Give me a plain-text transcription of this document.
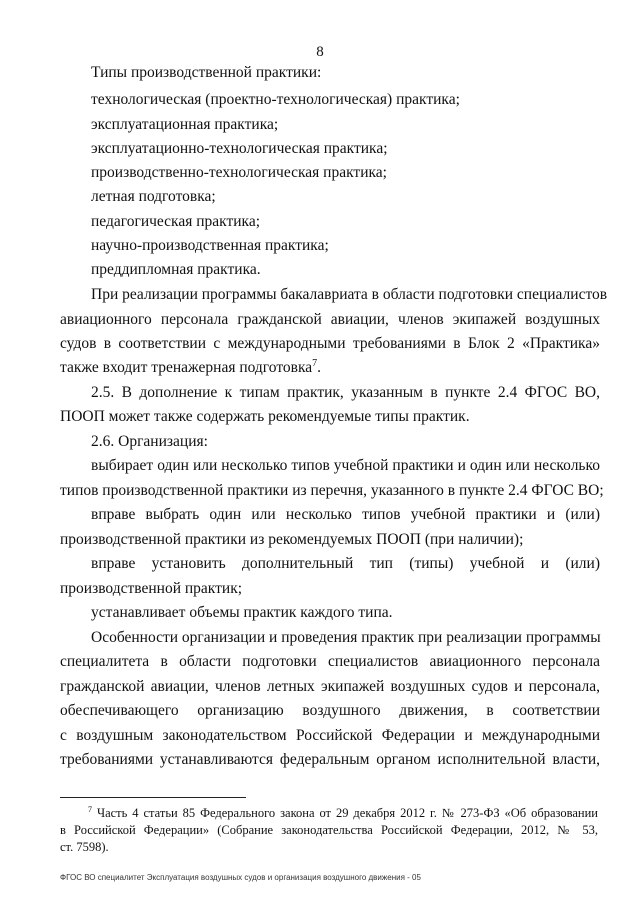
8
Типы производственной практики:
технологическая (проектно-технологическая) практика;
эксплуатационная практика;
эксплуатационно-технологическая практика;
производственно-технологическая практика;
летная подготовка;
педагогическая практика;
научно-производственная практика;
преддипломная практика.
При реализации программы бакалавриата в области подготовки специалистов
авиационного персонала гражданской авиации, членов экипажей воздушных
судов в соответствии с международными требованиями в Блок 2 «Практика»
также входит тренажерная подготовка$^7$.
2.5. В дополнение к типам практик, указанным в пункте 2.4 ФГОС ВО,
ПООП может также содержать рекомендуемые типы практик.
2.6. Организация:
выбирает один или несколько типов учебной практики и один или несколько
типов производственной практики из перечня, указанного в пункте 2.4 ФГОС ВО;
вправе выбрать один или несколько типов учебной практики и (или)
производственной практики из рекомендуемых ПООП (при наличии);
вправе установить дополнительный тип (типы) учебной и (или)
производственной практик;
устанавливает объемы практик каждого типа.
Особенности организации и проведения практик при реализации программы
специалитета в области подготовки специалистов авиационного персонала
гражданской авиации, членов летных экипажей воздушных судов и персонала,
обеспечивающего организацию воздушного движения, в соответствии
с воздушным законодательством Российской Федерации и международными
требованиями устанавливаются федеральным органом исполнительной власти,
$^7$ Часть 4 статьи 85 Федерального закона от 29 декабря 2012 г. № 273-ФЗ «Об образовании
в Российской Федерации» (Собрание законодательства Российской Федерации, 2012, № 53,
ст. 7598).
ФГОС ВО специалитет Эксплуатация воздушных судов и организация воздушного движения - 05
